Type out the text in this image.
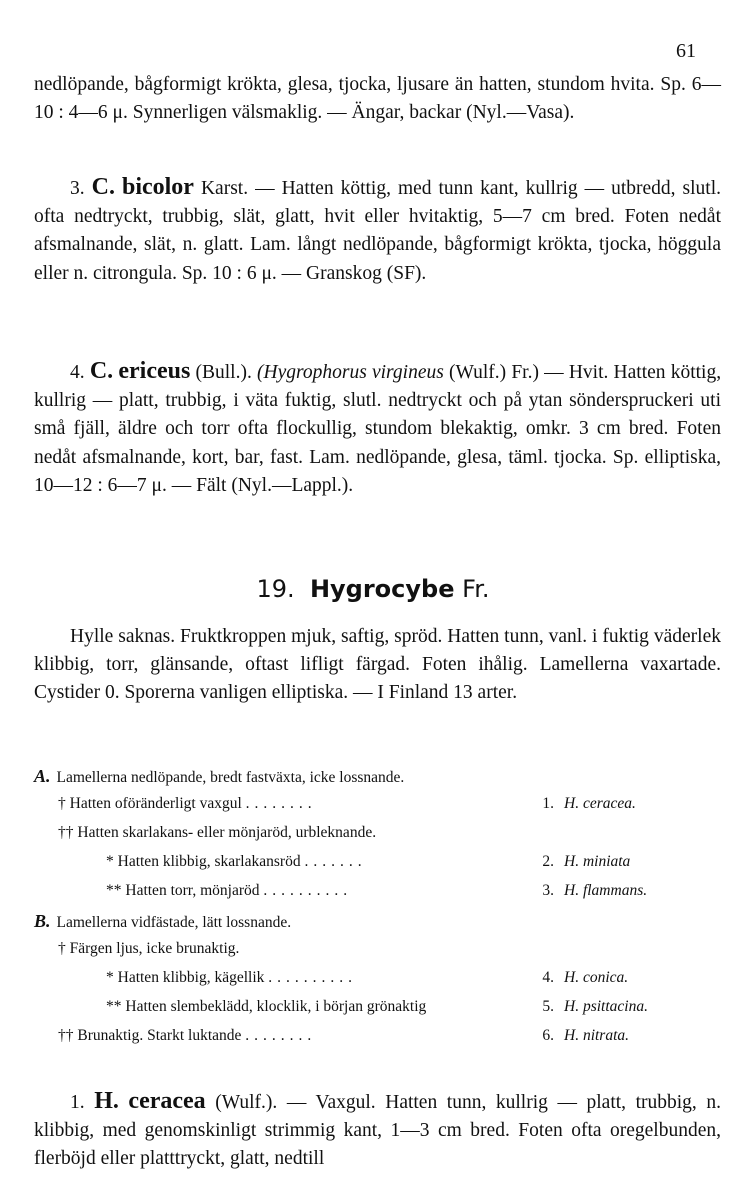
61

nedlöpande, bågformigt krökta, glesa, tjocka, ljusare än hatten, stundom hvita. Sp. 6—10 : 4—6 μ. Synnerligen välsmaklig. — Ängar, backar (Nyl.—Vasa).

3. C. bicolor Karst. — Hatten köttig, med tunn kant, kullrig — utbredd, slutl. ofta nedtryckt, trubbig, slät, glatt, hvit eller hvitaktig, 5—7 cm bred. Foten nedåt afsmalnande, slät, n. glatt. Lam. långt nedlöpande, bågformigt krökta, tjocka, höggula eller n. citrongula. Sp. 10 : 6 μ. — Granskog (SF).

4. C. ericeus (Bull.). (Hygrophorus virgineus (Wulf.) Fr.) — Hvit. Hatten köttig, kullrig — platt, trubbig, i väta fuktig, slutl. nedtryckt och på ytan sönderspruckeri uti små fjäll, äldre och torr ofta flockullig, stundom blekaktig, omkr. 3 cm bred. Foten nedåt afsmalnande, kort, bar, fast. Lam. nedlöpande, glesa, täml. tjocka. Sp. elliptiska, 10—12 : 6—7 μ. — Fält (Nyl.—Lappl.).

19. Hygrocybe Fr.

Hylle saknas. Fruktkroppen mjuk, saftig, spröd. Hatten tunn, vanl. i fuktig väderlek klibbig, torr, glänsande, oftast lifligt färgad. Foten ihålig. Lamellerna vaxartade. Cystider 0. Sporerna vanligen elliptiska. — I Finland 13 arter.

A. Lamellerna nedlöpande, bredt fastväxta, icke lossnande.
† Hatten oföränderligt vaxgul ........	1. H. ceracea.
†† Hatten skarlakans- eller mönjaröd, urbleknande.
* Hatten klibbig, skarlakansröd .......	2. H. miniata
** Hatten torr, mönjaröd ..........	3. H. flammans.
B. Lamellerna vidfästade, lätt lossnande.
† Färgen ljus, icke brunaktig.
* Hatten klibbig, kägellik ..........	4. H. conica.
** Hatten slembeklädd, klocklik, i början grönaktig	5. H. psittacina.
†† Brunaktig. Starkt luktande ........	6. H. nitrata.

1. H. ceracea (Wulf.). — Vaxgul. Hatten tunn, kullrig — platt, trubbig, n. klibbig, med genomskinligt strimmig kant, 1—3 cm bred. Foten ofta oregelbunden, flerböjd eller platttryckt, glatt, nedtill
